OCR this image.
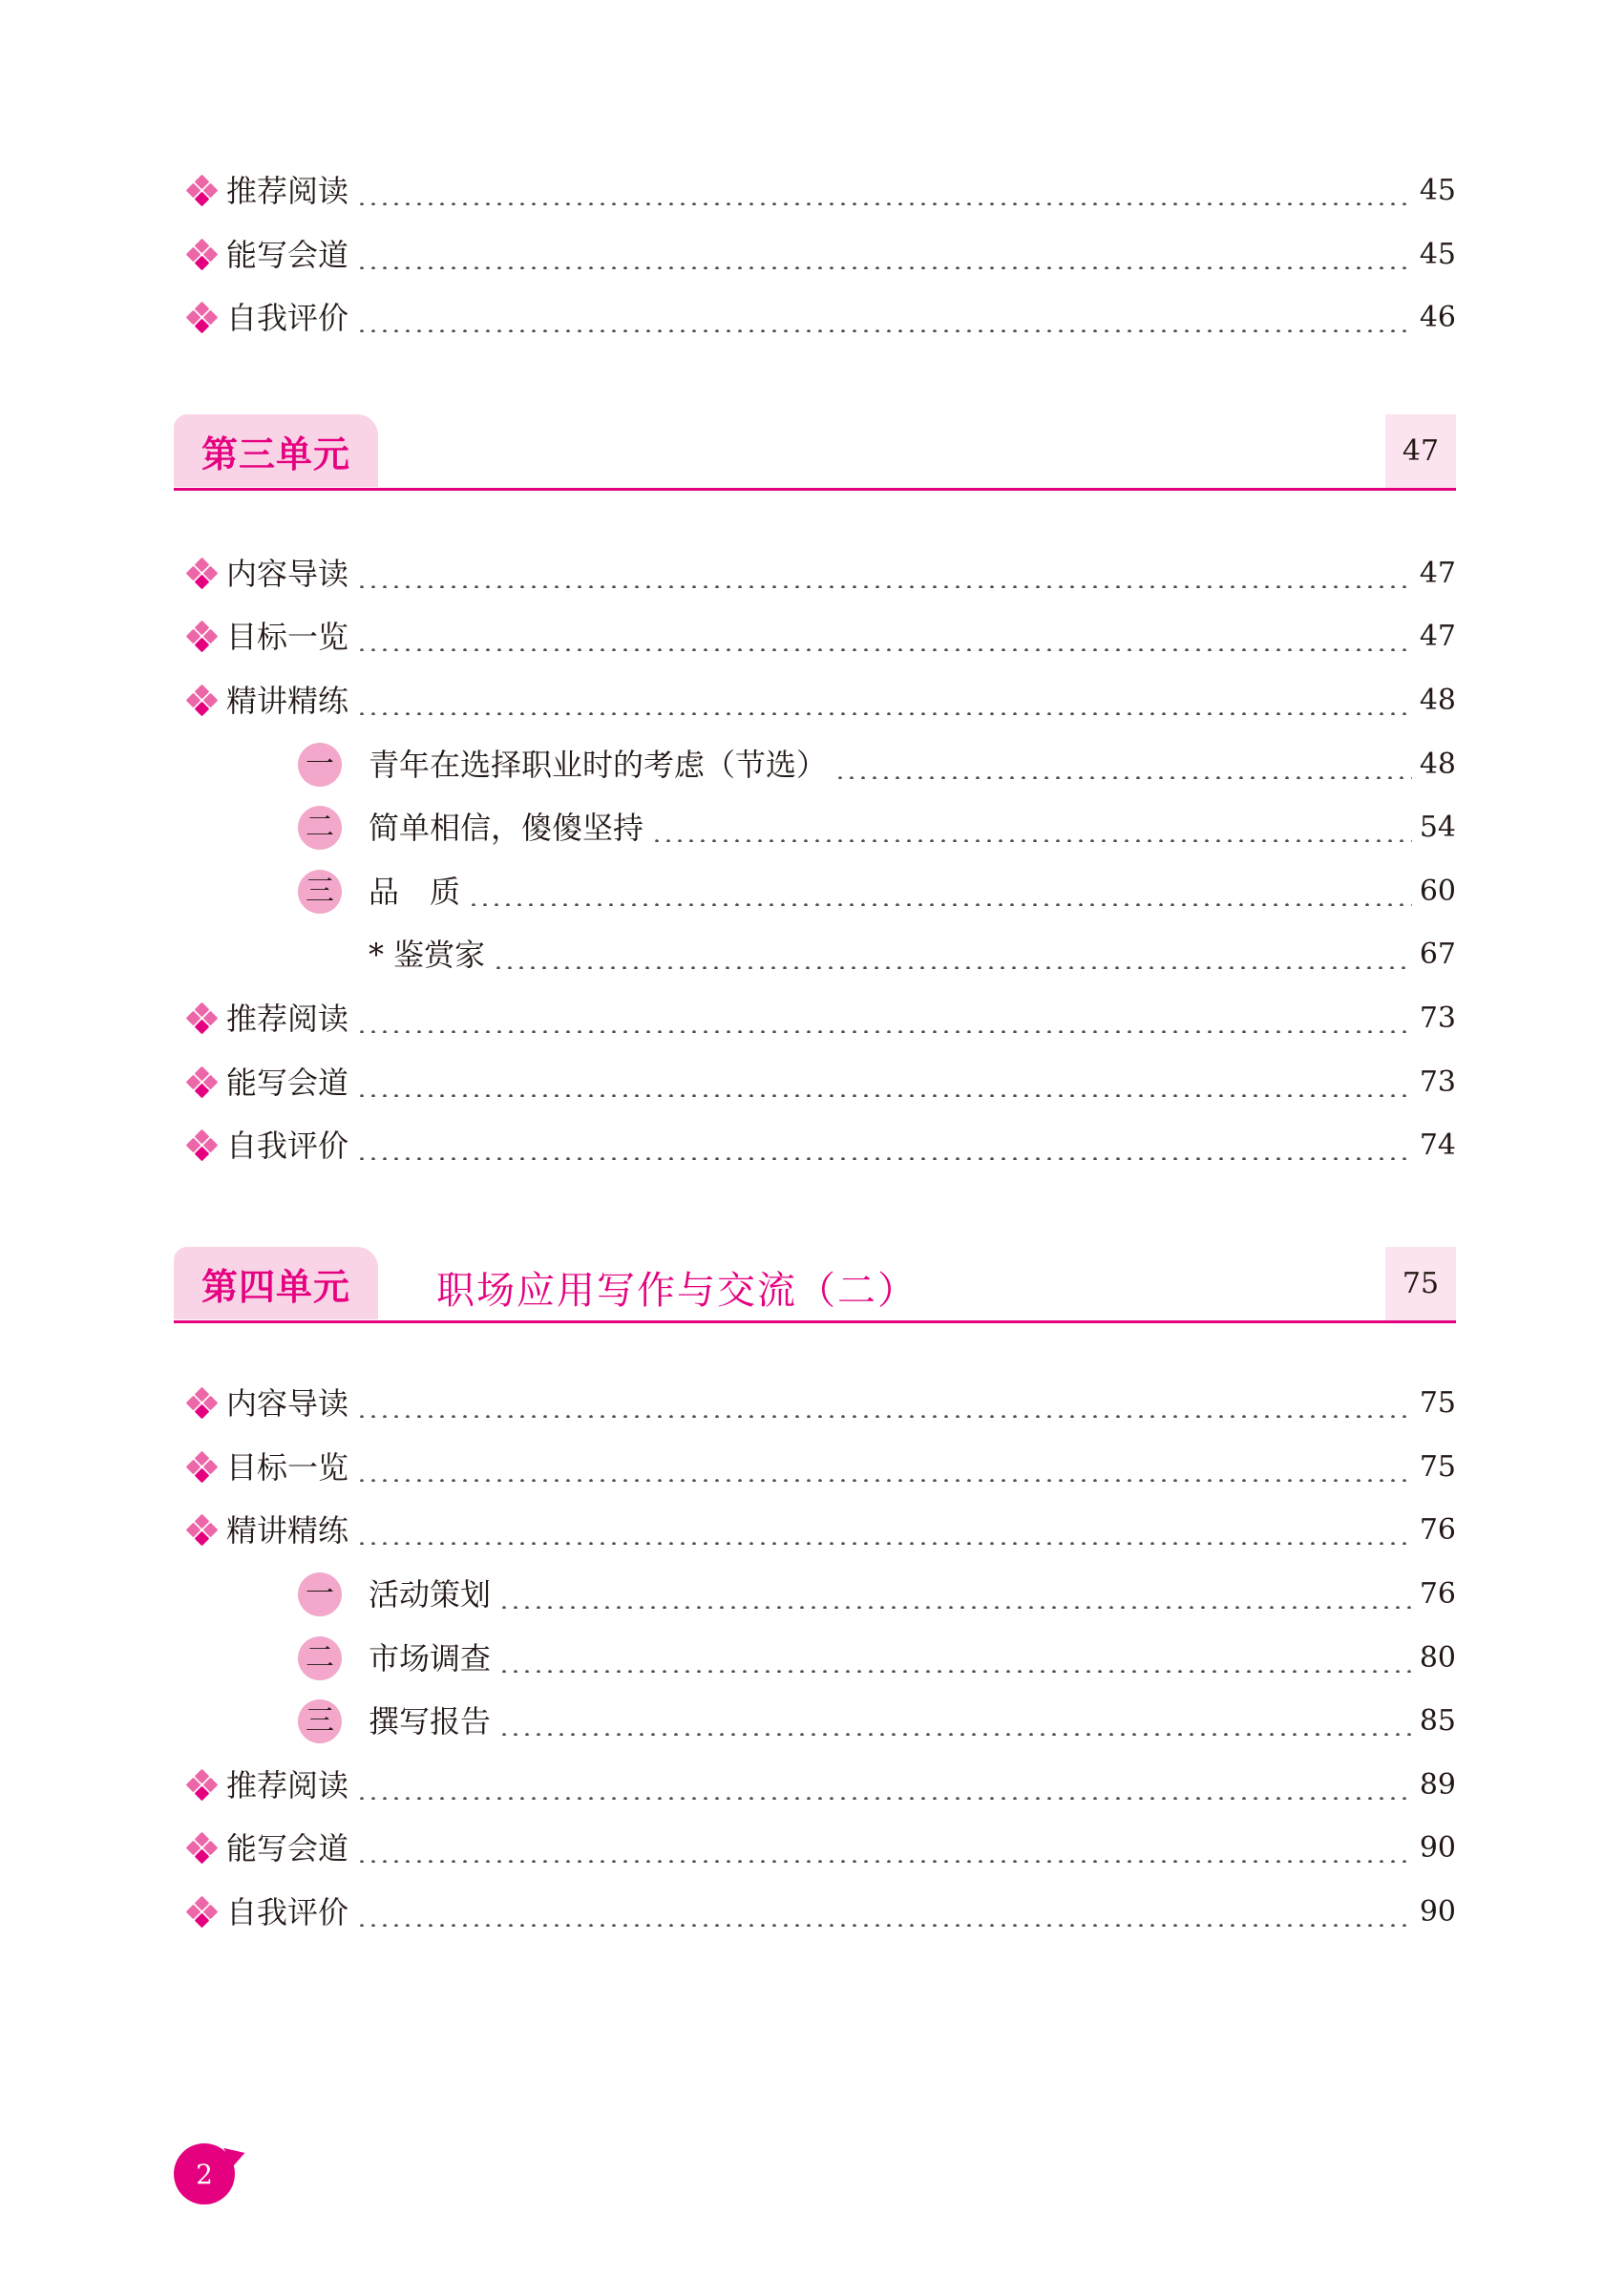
推荐阅读	45
能写会道	45
自我评价	46
第三单元	47
内容导读	47
目标一览	47
精讲精练	48
一 青年在选择职业时的考虑（节选）	48
二 简单相信，傻傻坚持	54
三 品　质	60
* 鉴赏家	67
推荐阅读	73
能写会道	73
自我评价	74
第四单元	职场应用写作与交流（二）	75
内容导读	75
目标一览	75
精讲精练	76
一 活动策划	76
二 市场调查	80
三 撰写报告	85
推荐阅读	89
能写会道	90
自我评价	90
2
